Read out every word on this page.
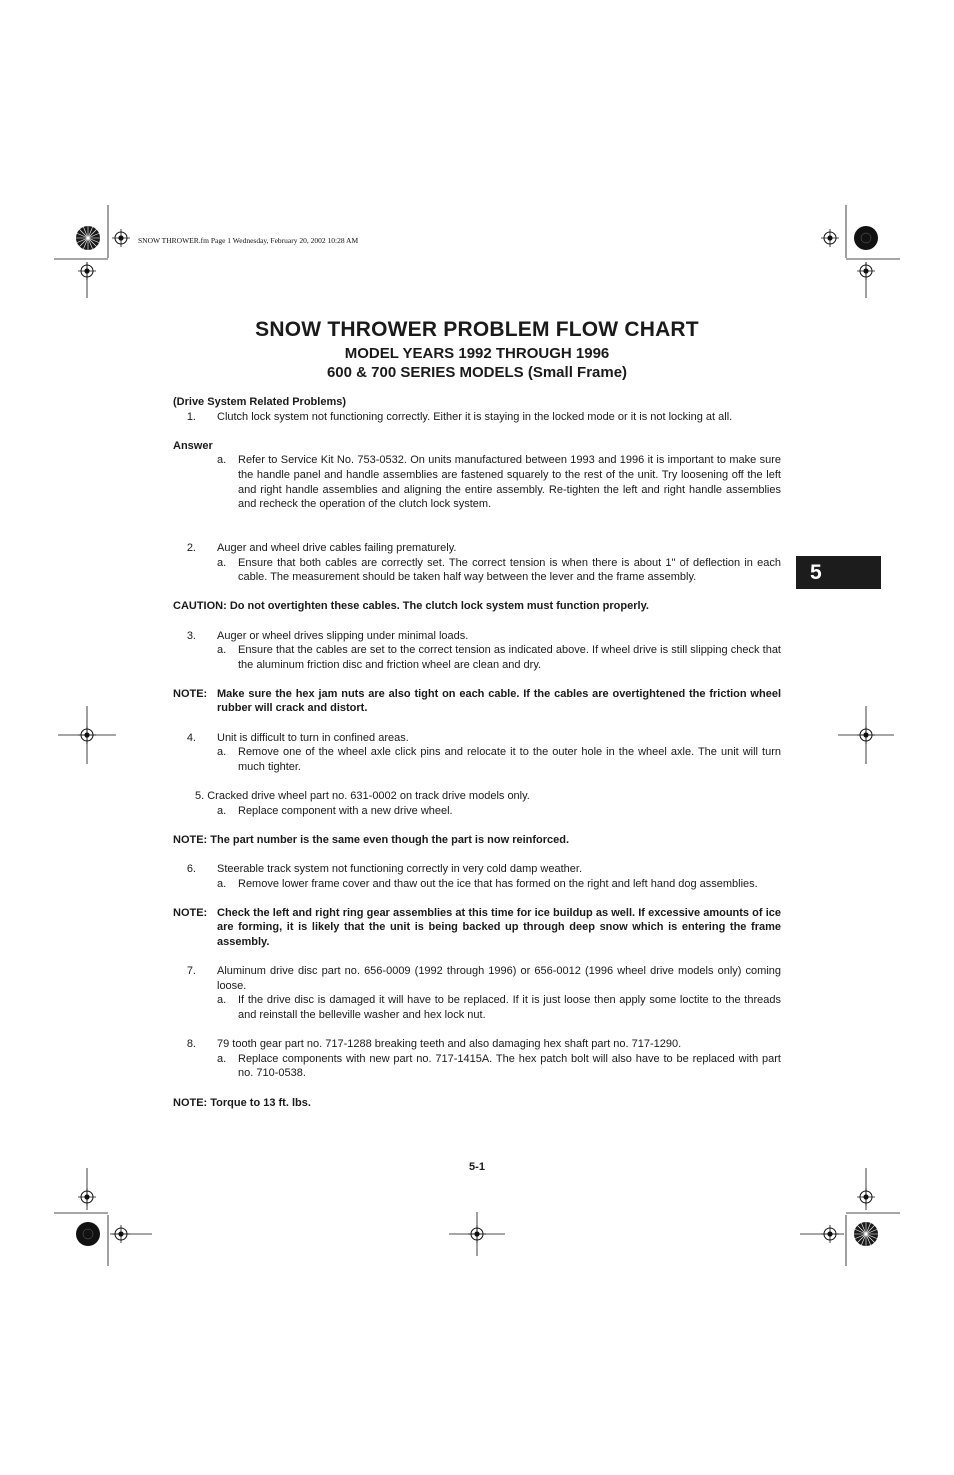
SNOW THROWER.fm Page 1 Wednesday, February 20, 2002 10:28 AM

SNOW THROWER PROBLEM FLOW CHART

MODEL YEARS 1992 THROUGH 1996

600 & 700 SERIES MODELS (Small Frame)

(Drive System Related Problems)

1.	Clutch lock system not functioning correctly. Either it is staying in the locked mode or it is not locking at all.

Answer

a.	Refer to Service Kit No. 753-0532. On units manufactured between 1993 and 1996 it is important to make sure the handle panel and handle assemblies are fastened squarely to the rest of the unit. Try loosening off the left and right handle assemblies and aligning the entire assembly. Re-tighten the left and right handle assemblies and recheck the operation of the clutch lock system.
2.	Auger and wheel drive cables failing prematurely.
a.	Ensure that both cables are correctly set. The correct tension is when there is about 1" of deflection in each cable. The measurement should be taken half way between the lever and the frame assembly.

CAUTION: Do not overtighten these cables. The clutch lock system must function properly.

3.	Auger or wheel drives slipping under minimal loads.
a.	Ensure that the cables are set to the correct tension as indicated above. If wheel drive is still slipping check that the aluminum friction disc and friction wheel are clean and dry.
NOTE: Make sure the hex jam nuts are also tight on each cable. If the cables are overtightened the friction wheel rubber will crack and distort.
4.	Unit is difficult to turn in confined areas.
a.	Remove one of the wheel axle click pins and relocate it to the outer hole in the wheel axle. The unit will turn much tighter.

5. Cracked drive wheel part no. 631-0002 on track drive models only.

a.	Replace component with a new drive wheel.

NOTE: The part number is the same even though the part is now reinforced.

6.	Steerable track system not functioning correctly in very cold damp weather.
a.	Remove lower frame cover and thaw out the ice that has formed on the right and left hand dog assemblies.
NOTE: Check the left and right ring gear assemblies at this time for ice buildup as well. If excessive amounts of ice are forming, it is likely that the unit is being backed up through deep snow which is entering the frame assembly.
7.	Aluminum drive disc part no. 656-0009 (1992 through 1996) or 656-0012 (1996 wheel drive models only) coming loose.
a.	If the drive disc is damaged it will have to be replaced. If it is just loose then apply some loctite to the threads and reinstall the belleville washer and hex lock nut.
8.	79 tooth gear part no. 717-1288 breaking teeth and also damaging hex shaft part no. 717-1290.
a.	Replace components with new part no. 717-1415A. The hex patch bolt will also have to be replaced with part no. 710-0538.

NOTE: Torque to 13 ft. lbs.

5
5-1
